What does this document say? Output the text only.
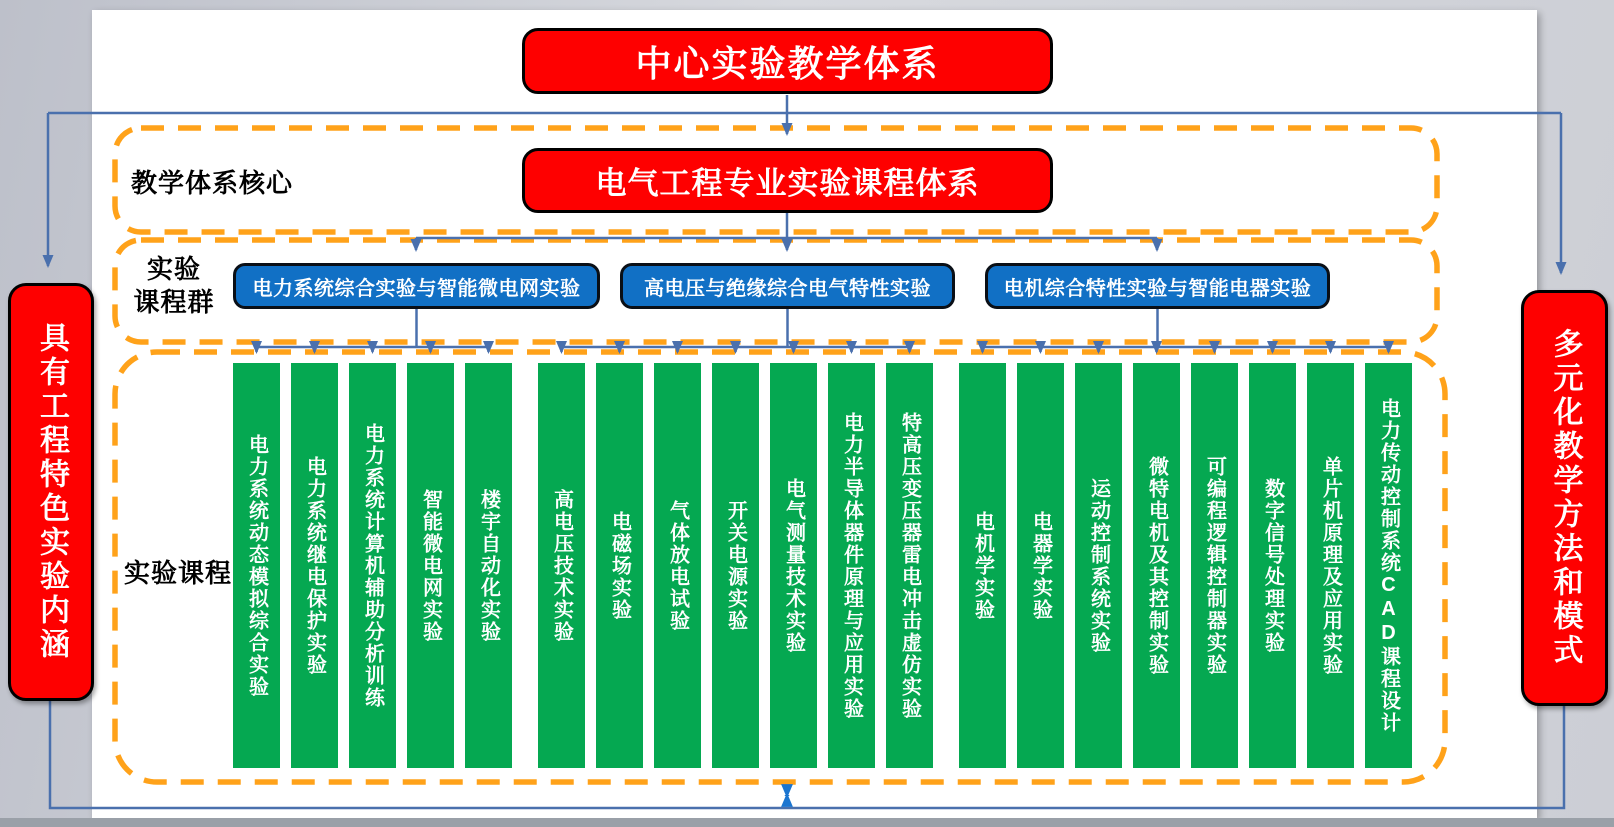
中心实验教学体系
教学体系核心	电气工程专业实验课程体系
实验
课程群	电力系统综合实验与智能微电网实验	高电压与绝缘综合电气特性实验	电机综合特性实验与智能电器实验
实验课程 电力系统动态模拟综合实验 电力系统继电保护实验 电力系统计算机辅助分析训练 智能微电网实验 楼宇自动化实验	高电压技术实验 电磁场实验 气体放电试验 开关电源实验 电气测量技术实验 电力半导体器件原理与应用实验 特高压变压器雷电冲击虚仿实验	电机学实验 电器学实验 运动控制系统实验 微特电机及其控制实验 可编程逻辑控制器实验 数字信号处理实验 单片机原理及应用实验 电力传动控制系统CAD课程设计
具有工程特色实验内涵	多元化教学方法和模式
